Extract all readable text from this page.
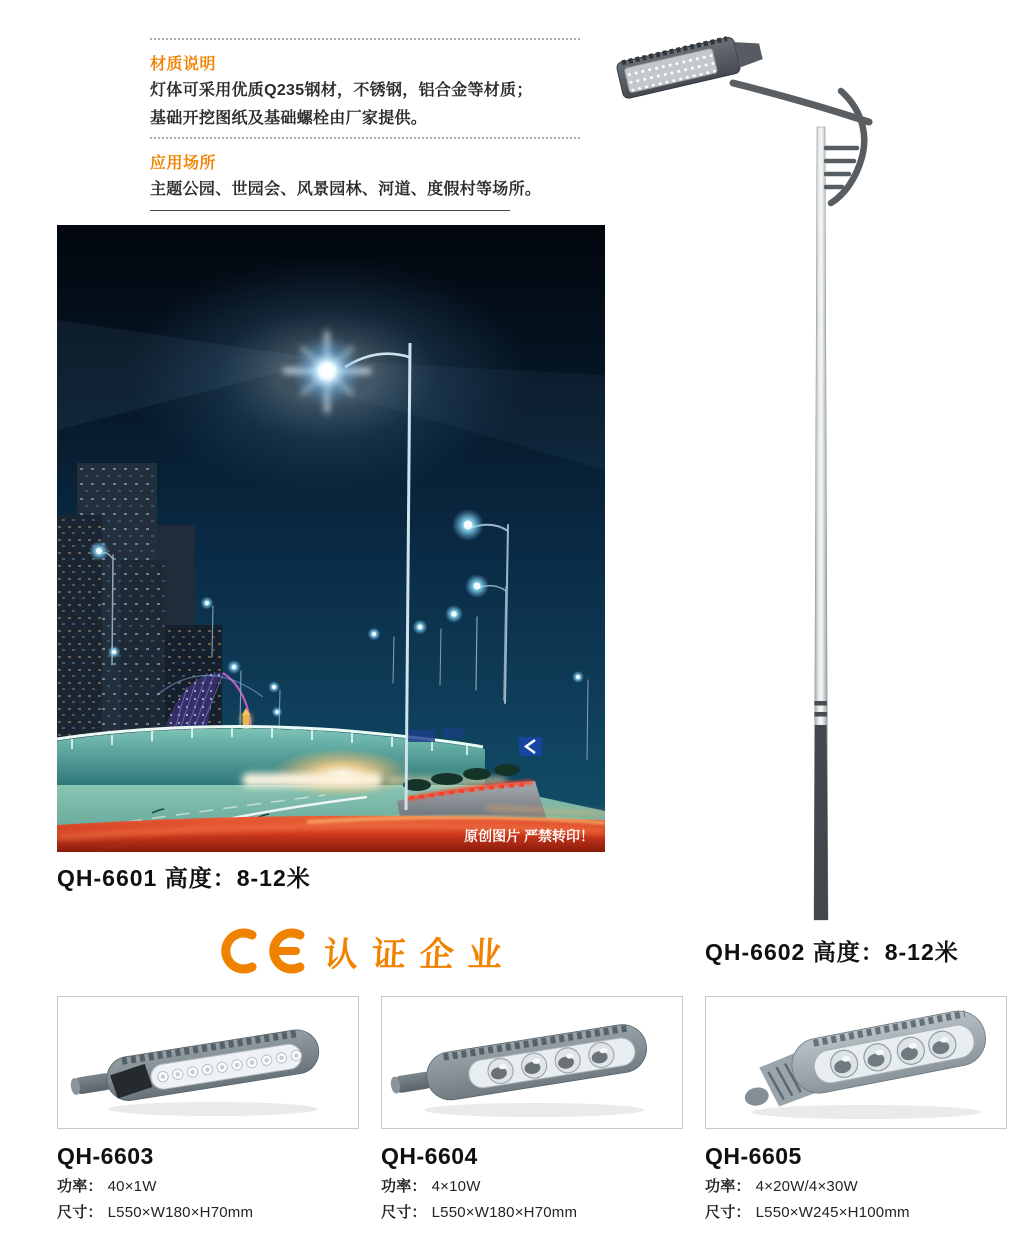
材质说明

灯体可采用优质Q235钢材，不锈钢，铝合金等材质；

基础开挖图纸及基础螺栓由厂家提供。

应用场所

主题公园、世园会、风景园林、河道、度假村等场所。

原创图片 严禁转印！
QH-6601 高度：8-12米
QH-6602 高度：8-12米
认证企业
QH-6603
功率： 40×1W
尺寸： L550×W180×H70mm
QH-6604
功率： 4×10W
尺寸： L550×W180×H70mm
QH-6605
功率： 4×20W/4×30W
尺寸： L550×W245×H100mm
